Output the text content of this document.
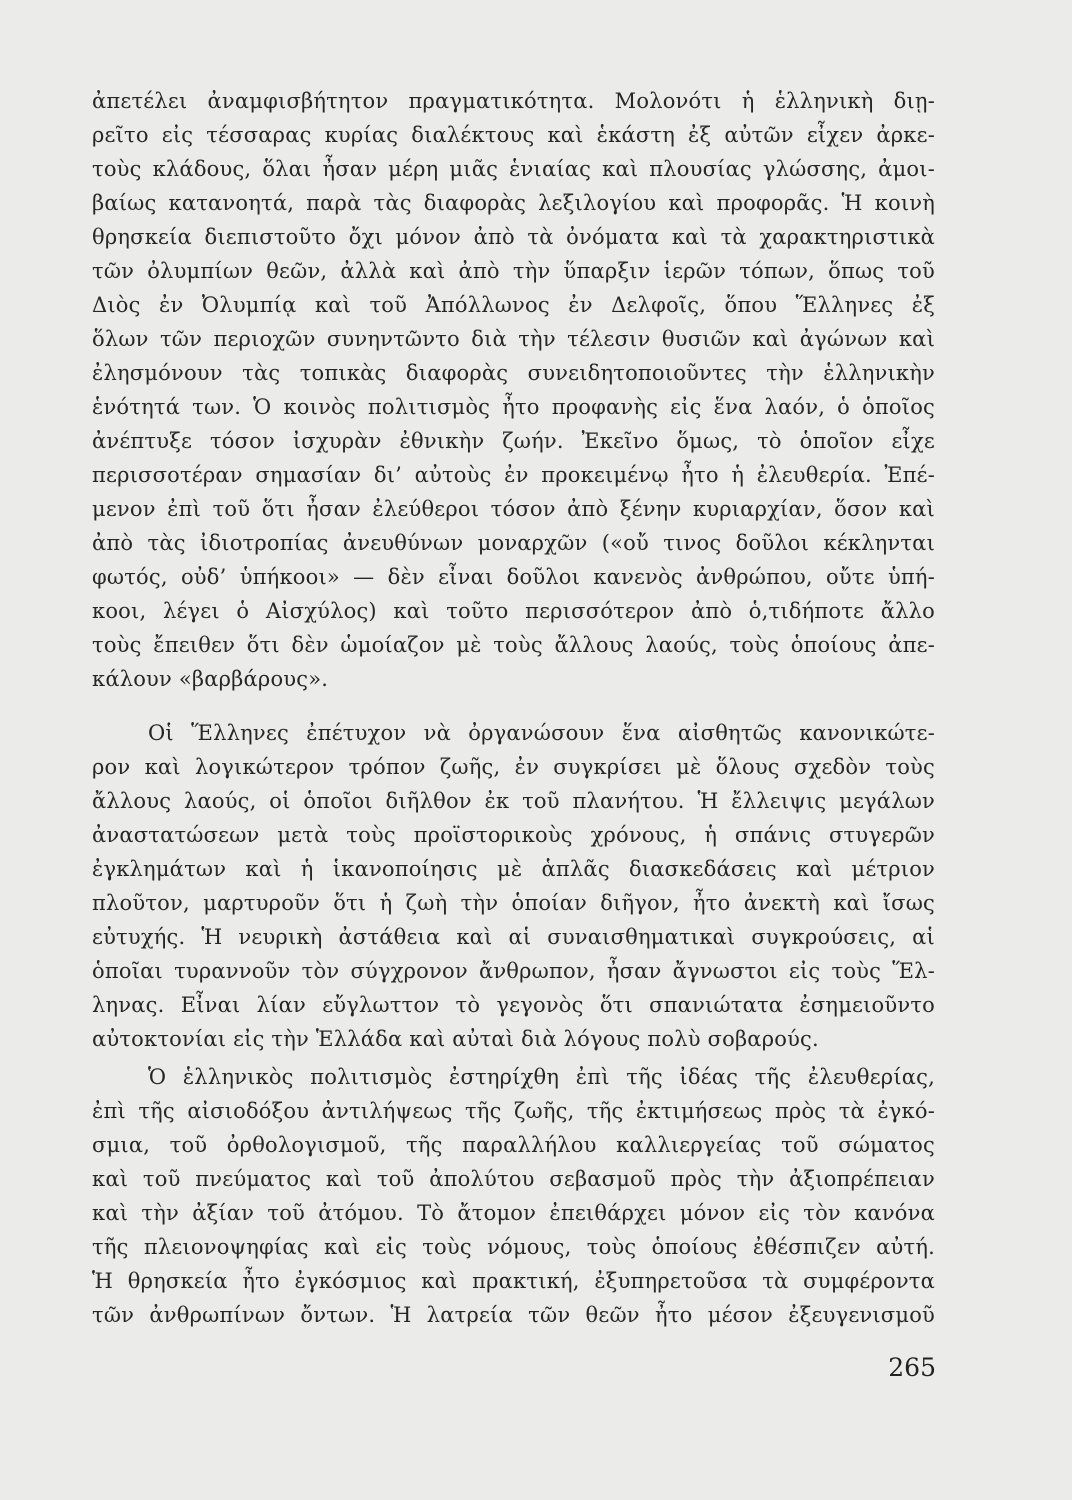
ἀπετέλει ἀναμφισβήτητον πραγματικότητα. Μολονότι ἡ ἑλληνικὴ διῃ-
ρεῖτο εἰς τέσσαρας κυρίας διαλέκτους καὶ ἑκάστη ἐξ αὐτῶν εἶχεν ἀρκε-
τοὺς κλάδους, ὅλαι ἦσαν μέρη μιᾶς ἑνιαίας καὶ πλουσίας γλώσσης, ἀμοι-
βαίως κατανοητά, παρὰ τὰς διαφορὰς λεξιλογίου καὶ προφορᾶς. Ἡ κοινὴ
θρησκεία διεπιστοῦτο ὄχι μόνον ἀπὸ τὰ ὀνόματα καὶ τὰ χαρακτηριστικὰ
τῶν ὀλυμπίων θεῶν, ἀλλὰ καὶ ἀπὸ τὴν ὕπαρξιν ἱερῶν τόπων, ὅπως τοῦ
Διὸς ἐν Ὀλυμπίᾳ καὶ τοῦ Ἀπόλλωνος ἐν Δελφοῖς, ὅπου Ἕλληνες ἐξ
ὅλων τῶν περιοχῶν συνηντῶντο διὰ τὴν τέλεσιν θυσιῶν καὶ ἀγώνων καὶ
ἐλησμόνουν τὰς τοπικὰς διαφορὰς συνειδητοποιοῦντες τὴν ἑλληνικὴν
ἑνότητά των. Ὁ κοινὸς πολιτισμὸς ἦτο προφανὴς εἰς ἕνα λαόν, ὁ ὁποῖος
ἀνέπτυξε τόσον ἰσχυρὰν ἐθνικὴν ζωήν. Ἐκεῖνο ὅμως, τὸ ὁποῖον εἶχε
περισσοτέραν σημασίαν δι’ αὐτοὺς ἐν προκειμένῳ ἦτο ἡ ἐλευθερία. Ἐπέ-
μενον ἐπὶ τοῦ ὅτι ἦσαν ἐλεύθεροι τόσον ἀπὸ ξένην κυριαρχίαν, ὅσον καὶ
ἀπὸ τὰς ἰδιοτροπίας ἀνευθύνων μοναρχῶν («οὔ τινος δοῦλοι κέκληνται
φωτός, οὐδ’ ὑπήκοοι» — δὲν εἶναι δοῦλοι κανενὸς ἀνθρώπου, οὔτε ὑπή-
κοοι, λέγει ὁ Αἰσχύλος) καὶ τοῦτο περισσότερον ἀπὸ ὁ,τιδήποτε ἄλλο
τοὺς ἔπειθεν ὅτι δὲν ὡμοίαζον μὲ τοὺς ἄλλους λαούς, τοὺς ὁποίους ἀπε-
κάλουν «βαρβάρους».
Οἱ Ἕλληνες ἐπέτυχον νὰ ὀργανώσουν ἕνα αἰσθητῶς κανονικώτε-
ρον καὶ λογικώτερον τρόπον ζωῆς, ἐν συγκρίσει μὲ ὅλους σχεδὸν τοὺς
ἄλλους λαούς, οἱ ὁποῖοι διῆλθον ἐκ τοῦ πλανήτου. Ἡ ἔλλειψις μεγάλων
ἀναστατώσεων μετὰ τοὺς προϊστορικοὺς χρόνους, ἡ σπάνις στυγερῶν
ἐγκλημάτων καὶ ἡ ἱκανοποίησις μὲ ἁπλᾶς διασκεδάσεις καὶ μέτριον
πλοῦτον, μαρτυροῦν ὅτι ἡ ζωὴ τὴν ὁποίαν διῆγον, ἦτο ἀνεκτὴ καὶ ἴσως
εὐτυχής. Ἡ νευρικὴ ἀστάθεια καὶ αἱ συναισθηματικαὶ συγκρούσεις, αἱ
ὁποῖαι τυραννοῦν τὸν σύγχρονον ἄνθρωπον, ἦσαν ἄγνωστοι εἰς τοὺς Ἕλ-
ληνας. Εἶναι λίαν εὔγλωττον τὸ γεγονὸς ὅτι σπανιώτατα ἐσημειοῦντο
αὐτοκτονίαι εἰς τὴν Ἑλλάδα καὶ αὐταὶ διὰ λόγους πολὺ σοβαρούς.
Ὁ ἑλληνικὸς πολιτισμὸς ἐστηρίχθη ἐπὶ τῆς ἰδέας τῆς ἐλευθερίας,
ἐπὶ τῆς αἰσιοδόξου ἀντιλήψεως τῆς ζωῆς, τῆς ἐκτιμήσεως πρὸς τὰ ἐγκό-
σμια, τοῦ ὀρθολογισμοῦ, τῆς παραλλήλου καλλιεργείας τοῦ σώματος
καὶ τοῦ πνεύματος καὶ τοῦ ἀπολύτου σεβασμοῦ πρὸς τὴν ἀξιοπρέπειαν
καὶ τὴν ἀξίαν τοῦ ἀτόμου. Τὸ ἄτομον ἐπειθάρχει μόνον εἰς τὸν κανόνα
τῆς πλειονοψηφίας καὶ εἰς τοὺς νόμους, τοὺς ὁποίους ἐθέσπιζεν αὐτή.
Ἡ θρησκεία ἦτο ἐγκόσμιος καὶ πρακτική, ἐξυπηρετοῦσα τὰ συμφέροντα
τῶν ἀνθρωπίνων ὄντων. Ἡ λατρεία τῶν θεῶν ἦτο μέσον ἐξευγενισμοῦ
265
